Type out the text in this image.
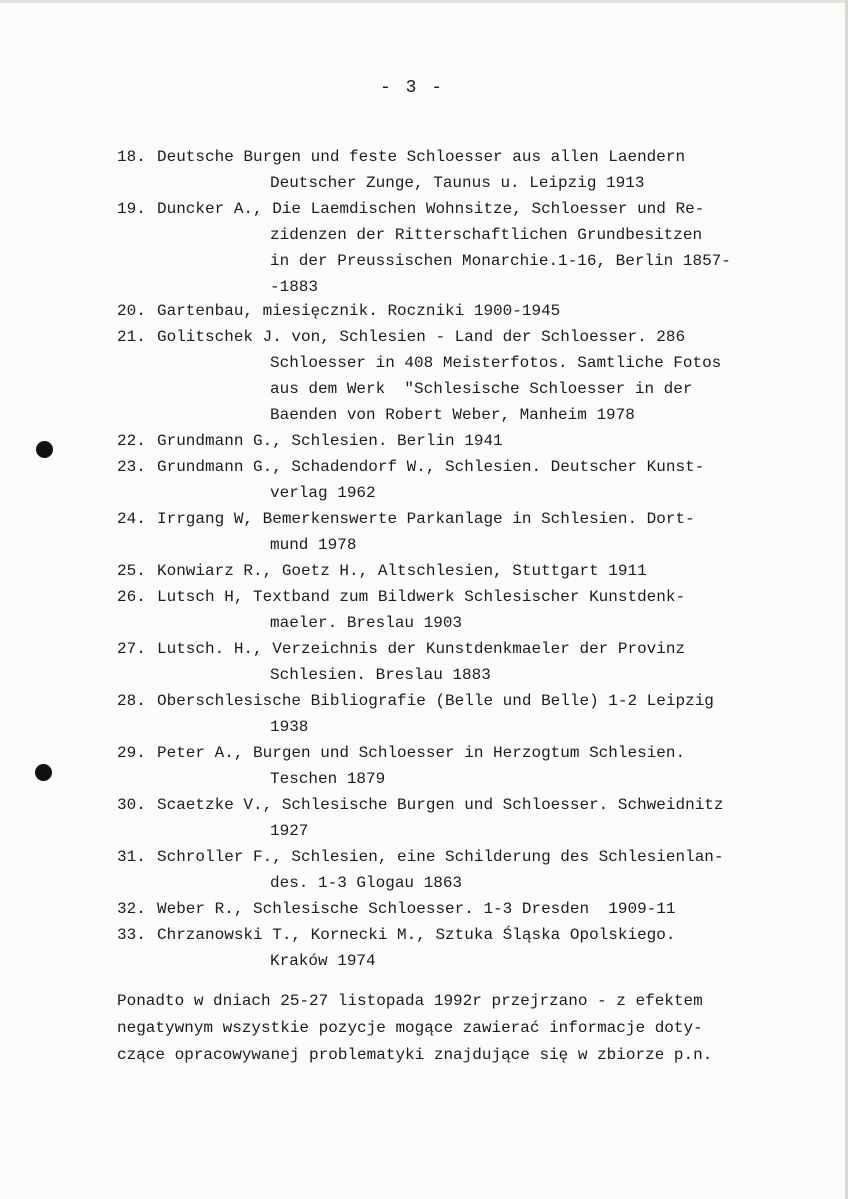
- 3 -
18. Deutsche Burgen und feste Schloesser aus allen Laendern
Deutscher Zunge, Taunus u. Leipzig 1913
19. Duncker A., Die Laemdischen Wohnsitze, Schloesser und Re-
zidenzen der Ritterschaftlichen Grundbesitzen
in der Preussischen Monarchie.1-16, Berlin 1857-
-1883
20. Gartenbau, miesięcznik. Roczniki 1900-1945
21. Golitschek J. von, Schlesien - Land der Schloesser. 286
Schloesser in 408 Meisterfotos. Samtliche Fotos
aus dem Werk  "Schlesische Schloesser in der
Baenden von Robert Weber, Manheim 1978
22. Grundmann G., Schlesien. Berlin 1941
23. Grundmann G., Schadendorf W., Schlesien. Deutscher Kunst-
verlag 1962
24. Irrgang W, Bemerkenswerte Parkanlage in Schlesien. Dort-
mund 1978
25. Konwiarz R., Goetz H., Altschlesien, Stuttgart 1911
26. Lutsch H, Textband zum Bildwerk Schlesischer Kunstdenk-
maeler. Breslau 1903
27. Lutsch. H., Verzeichnis der Kunstdenkmaeler der Provinz
Schlesien. Breslau 1883
28. Oberschlesische Bibliografie (Belle und Belle) 1-2 Leipzig
1938
29. Peter A., Burgen und Schloesser in Herzogtum Schlesien.
Teschen 1879
30. Scaetzke V., Schlesische Burgen und Schloesser. Schweidnitz
1927
31. Schroller F., Schlesien, eine Schilderung des Schlesienlan-
des. 1-3 Glogau 1863
32. Weber R., Schlesische Schloesser. 1-3 Dresden  1909-11
33. Chrzanowski T., Kornecki M., Sztuka Śląska Opolskiego.
Kraków 1974
Ponadto w dniach 25-27 listopada 1992r przejrzano - z efektem
negatywnym wszystkie pozycje mogące zawierać informacje doty-
czące opracowywanej problematyki znajdujące się w zbiorze p.n.
